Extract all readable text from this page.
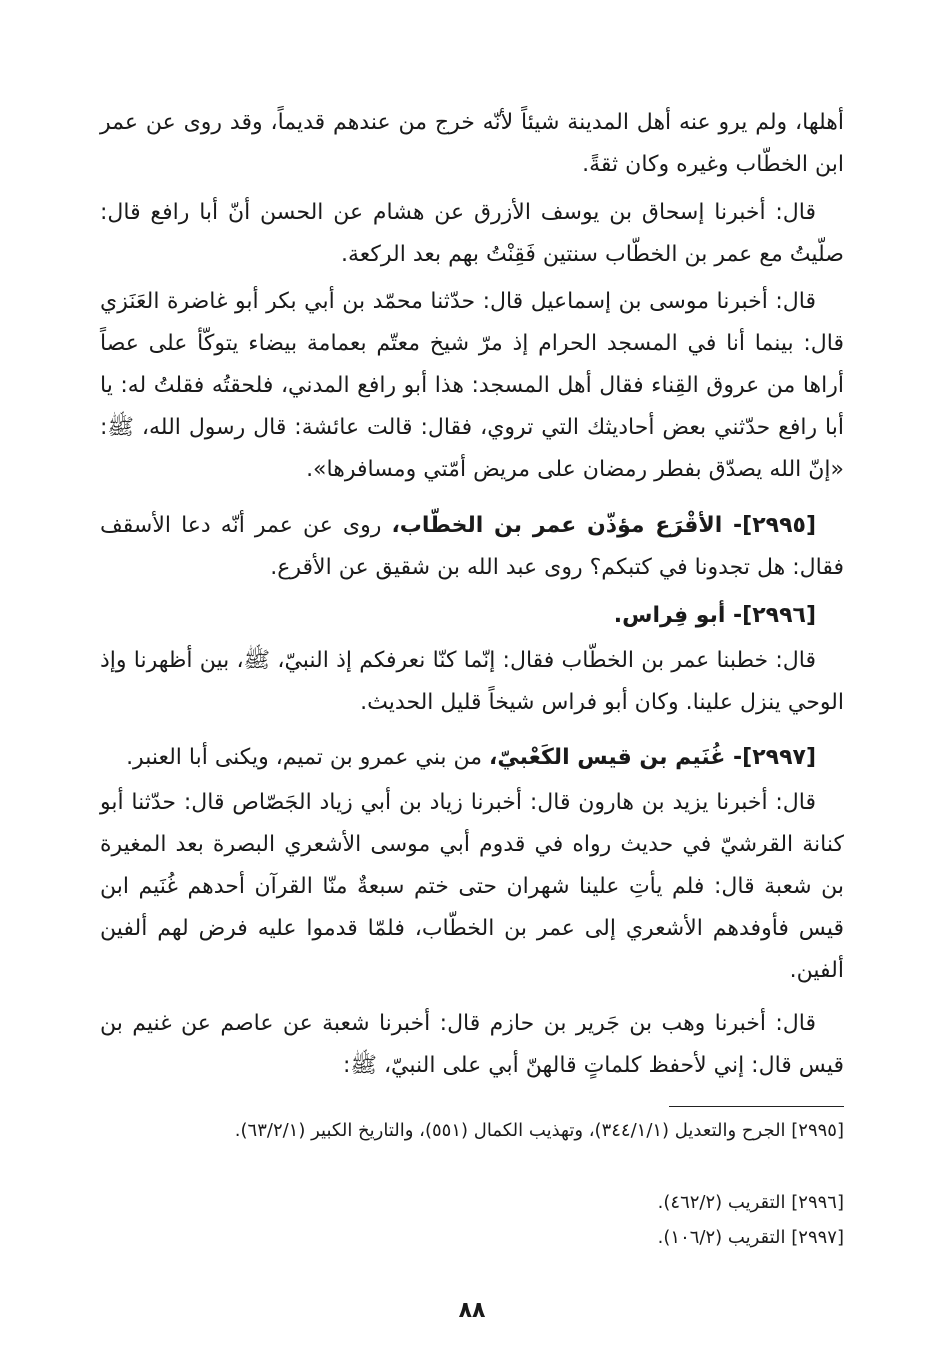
أهلها، ولم يرو عنه أهل المدينة شيئاً لأنّه خرج من عندهم قديماً، وقد روى عن عمر ابن الخطّاب وغيره وكان ثقةً.

قال: أخبرنا إسحاق بن يوسف الأزرق عن هشام عن الحسن أنّ أبا رافع قال: صلّيتُ مع عمر بن الخطّاب سنتين فَقِنْتُ بهم بعد الركعة.

قال: أخبرنا موسى بن إسماعيل قال: حدّثنا محمّد بن أبي بكر أبو غاضرة العَنَزي قال: بينما أنا في المسجد الحرام إذ مرّ شيخ معتّم بعمامة بيضاء يتوكّأ على عصاً أراها من عروق القِناء فقال أهل المسجد: هذا أبو رافع المدني، فلحقتُه فقلتُ له: يا أبا رافع حدّثني بعض أحاديثك التي تروي، فقال: قالت عائشة: قال رسول الله، ﷺ: «إنّ الله يصدّق بفطر رمضان على مريض أمّتي ومسافرها».

[٢٩٩٥]- الأقْرَع مؤذّن عمر بن الخطّاب، روى عن عمر أنّه دعا الأسقف فقال: هل تجدونا في كتبكم؟ روى عبد الله بن شقيق عن الأقرع.

[٢٩٩٦]- أبو فِراس.

قال: خطبنا عمر بن الخطّاب فقال: إنّما كنّا نعرفكم إذ النبيّ، ﷺ، بين أظهرنا وإذ الوحي ينزل علينا. وكان أبو فراس شيخاً قليل الحديث.

[٢٩٩٧]- غُنَيم بن قيس الكَعْبيّ، من بني عمرو بن تميم، ويكنى أبا العنبر.

قال: أخبرنا يزيد بن هارون قال: أخبرنا زياد بن أبي زياد الجَصّاص قال: حدّثنا أبو كنانة القرشيّ في حديث رواه في قدوم أبي موسى الأشعري البصرة بعد المغيرة بن شعبة قال: فلم يأتِ علينا شهران حتى ختم سبعةٌ منّا القرآن أحدهم غُنَيم ابن قيس فأوفدهم الأشعري إلى عمر بن الخطّاب، فلمّا قدموا عليه فرض لهم ألفين ألفين.

قال: أخبرنا وهب بن جَرير بن حازم قال: أخبرنا شعبة عن عاصم عن غنيم بن قيس قال: إني لأحفظ كلماتٍ قالهنّ أبي على النبيّ، ﷺ:

[٢٩٩٥] الجرح والتعديل (٣٤٤/١/١)، وتهذيب الكمال (٥٥١)، والتاريخ الكبير (٦٣/٢/١).

[٢٩٩٦] التقريب (٤٦٢/٢).

[٢٩٩٧] التقريب (١٠٦/٢).

٨٨
